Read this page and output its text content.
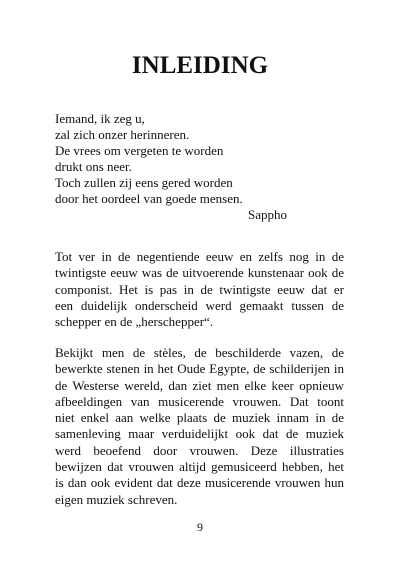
INLEIDING
Iemand, ik zeg u,
zal zich onzer herinneren.
De vrees om vergeten te worden
drukt ons neer.
Toch zullen zij eens gered worden
door het oordeel van goede mensen.
Sappho
Tot ver in de negentiende eeuw en zelfs nog in de
twintigste eeuw was de uitvoerende kunstenaar ook de
componist. Het is pas in de twintigste eeuw dat er
een duidelijk onderscheid werd gemaakt tussen de
schepper en de „herschepper“.
Bekijkt men de stèles, de beschilderde vazen, de
bewerkte stenen in het Oude Egypte, de schilderijen in
de Westerse wereld, dan ziet men elke keer opnieuw
afbeeldingen van musicerende vrouwen. Dat toont
niet enkel aan welke plaats de muziek innam in de
samenleving maar verduidelijkt ook dat de muziek
werd beoefend door vrouwen. Deze illustraties
bewijzen dat vrouwen altijd gemusiceerd hebben, het
is dan ook evident dat deze musicerende vrouwen hun
eigen muziek schreven.
9
